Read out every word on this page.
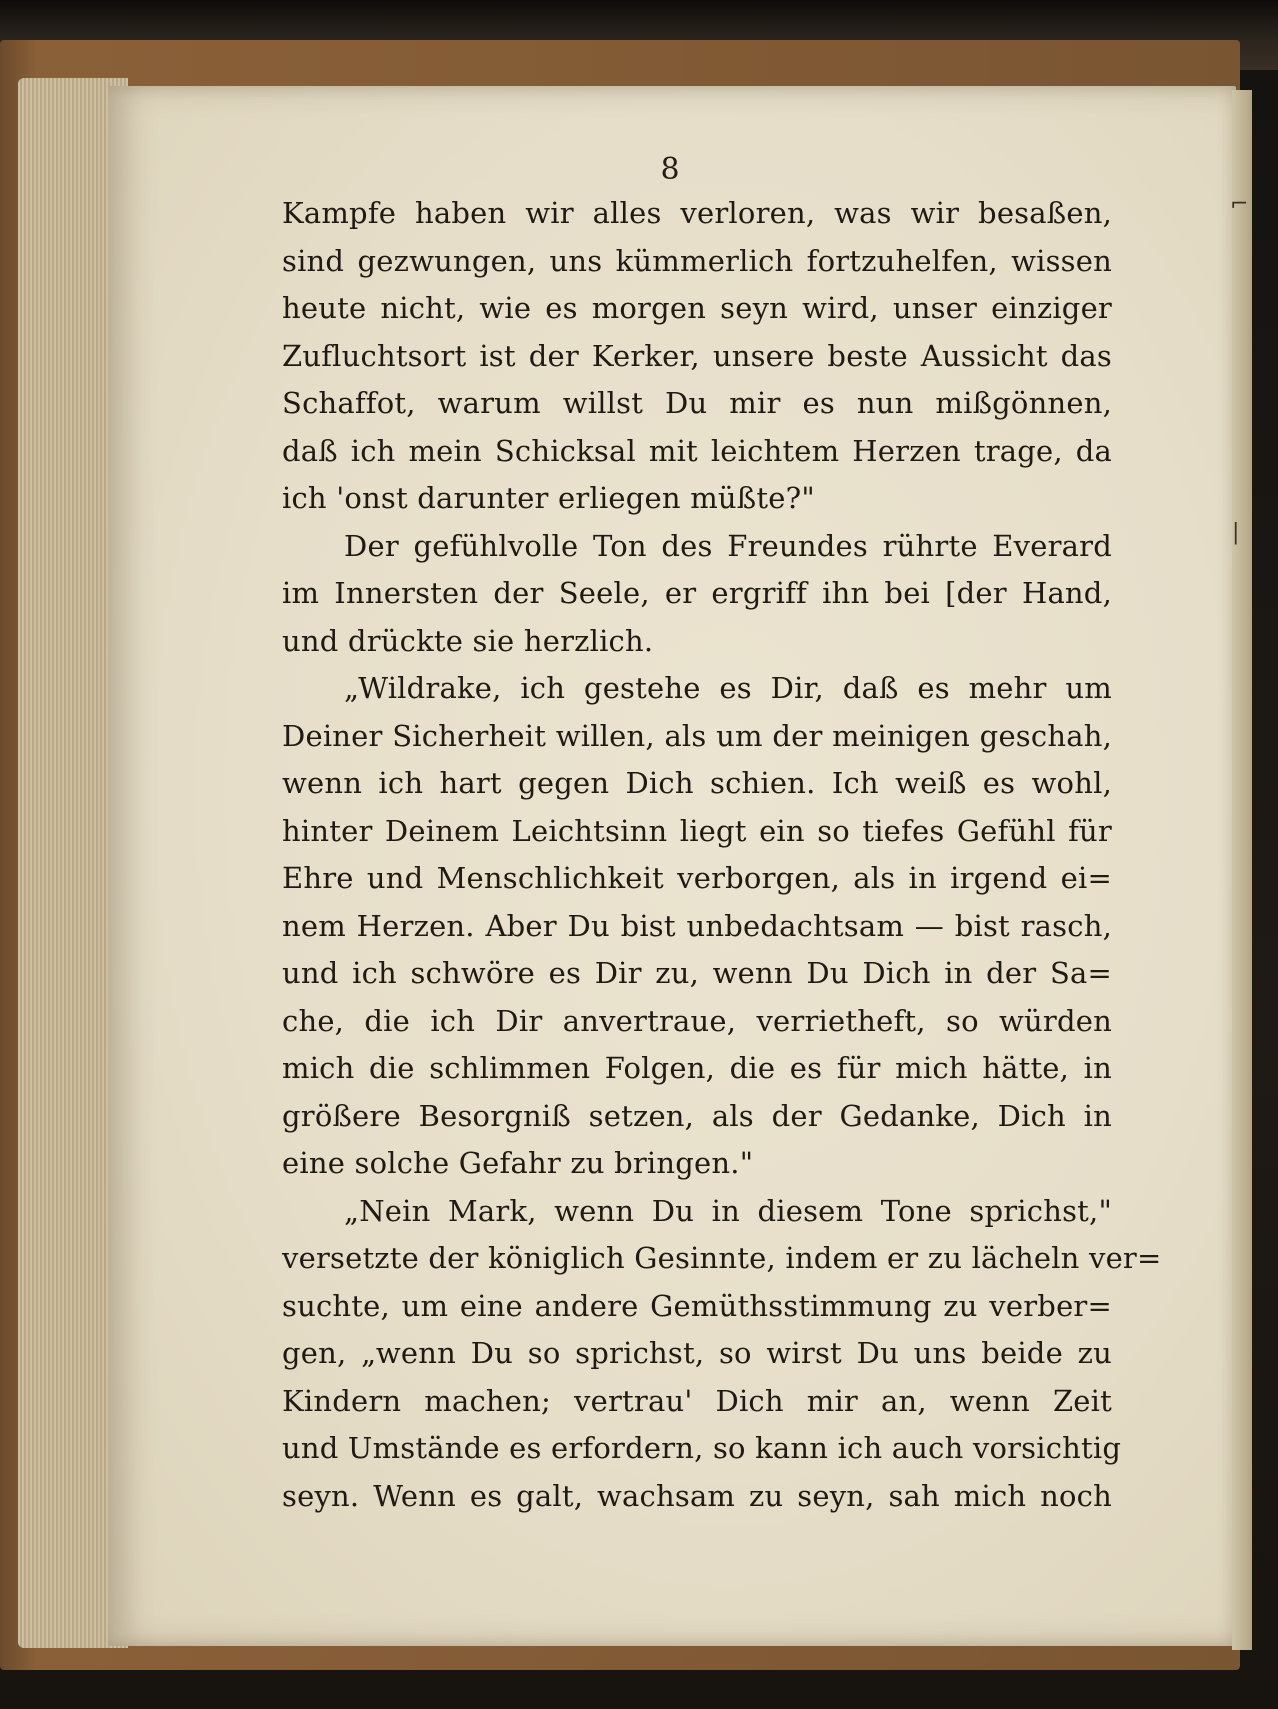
⌐
|
8
Kampfe haben wir alles verloren, was wir besaßen,
sind gezwungen, uns kümmerlich fortzuhelfen, wissen
heute nicht, wie es morgen seyn wird, unser einziger
Zufluchtsort ist der Kerker, unsere beste Aussicht das
Schaffot, warum willst Du mir es nun mißgönnen,
daß ich mein Schicksal mit leichtem Herzen trage, da
ich 'onst darunter erliegen müßte?"
Der gefühlvolle Ton des Freundes rührte Everard
im Innersten der Seele, er ergriff ihn bei [der Hand,
und drückte sie herzlich.
„Wildrake, ich gestehe es Dir, daß es mehr um
Deiner Sicherheit willen, als um der meinigen geschah,
wenn ich hart gegen Dich schien. Ich weiß es wohl,
hinter Deinem Leichtsinn liegt ein so tiefes Gefühl für
Ehre und Menschlichkeit verborgen, als in irgend ei=
nem Herzen. Aber Du bist unbedachtsam — bist rasch,
und ich schwöre es Dir zu, wenn Du Dich in der Sa=
che, die ich Dir anvertraue, verrietheft, so würden
mich die schlimmen Folgen, die es für mich hätte, in
größere Besorgniß setzen, als der Gedanke, Dich in
eine solche Gefahr zu bringen."
„Nein Mark, wenn Du in diesem Tone sprichst,"
versetzte der königlich Gesinnte, indem er zu lächeln ver=
suchte, um eine andere Gemüthsstimmung zu verber=
gen, „wenn Du so sprichst, so wirst Du uns beide zu
Kindern machen; vertrau' Dich mir an, wenn Zeit
und Umstände es erfordern, so kann ich auch vorsichtig
seyn. Wenn es galt, wachsam zu seyn, sah mich noch
